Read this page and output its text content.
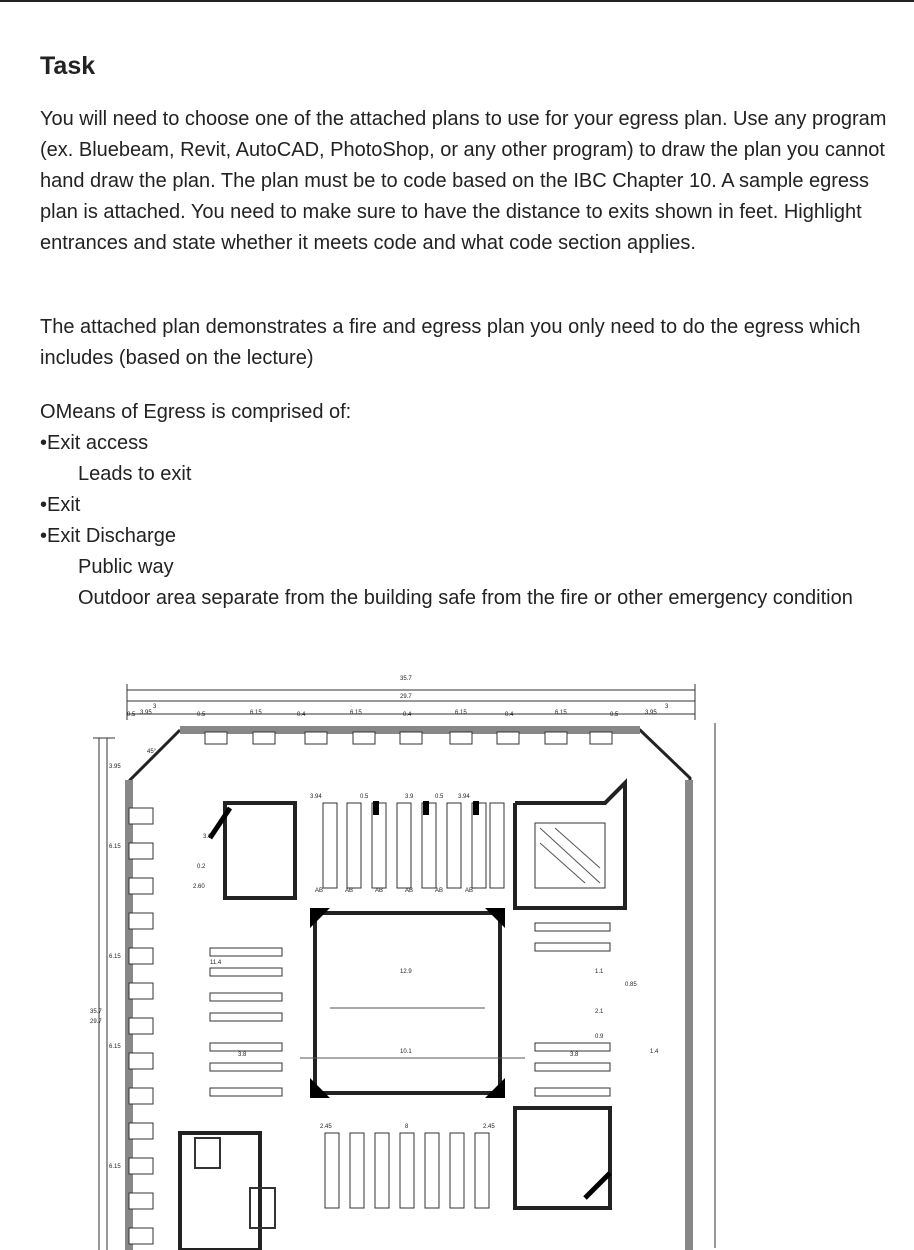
Task
You will need to choose one of the attached plans to use for your egress plan. Use any program (ex. Bluebeam, Revit, AutoCAD, PhotoShop, or any other program) to draw the plan you cannot hand draw the plan. The plan must be to code based on the IBC Chapter 10. A sample egress plan is attached. You need to make sure to have the distance to exits shown in feet. Highlight entrances and state whether it meets code and what code section applies.
The attached plan demonstrates a fire and egress plan you only need to do the egress which includes (based on the lecture)
OMeans of Egress is comprised of:
•Exit access
Leads to exit
•Exit
•Exit Discharge
Public way
Outdoor area separate from the building safe from the fire or other emergency condition
35.7
29.7
3	3
3.95	3.95
6.15	6.15	6.15	6.15
0.5	0.5	0.4	0.4	0.4	0.5
45°
3.94	0.5	3.9	0.5 3.94
3.6
0.2
2.60
AB	AB	AB	AB	AB	AB
11.4
12.9	1.1
0.85
2.1
0.9
10.1
3.8	3.8	1.4
2.45	8	2.45
35.7
29.7
3.95
6.15
6.15
6.15
6.15
